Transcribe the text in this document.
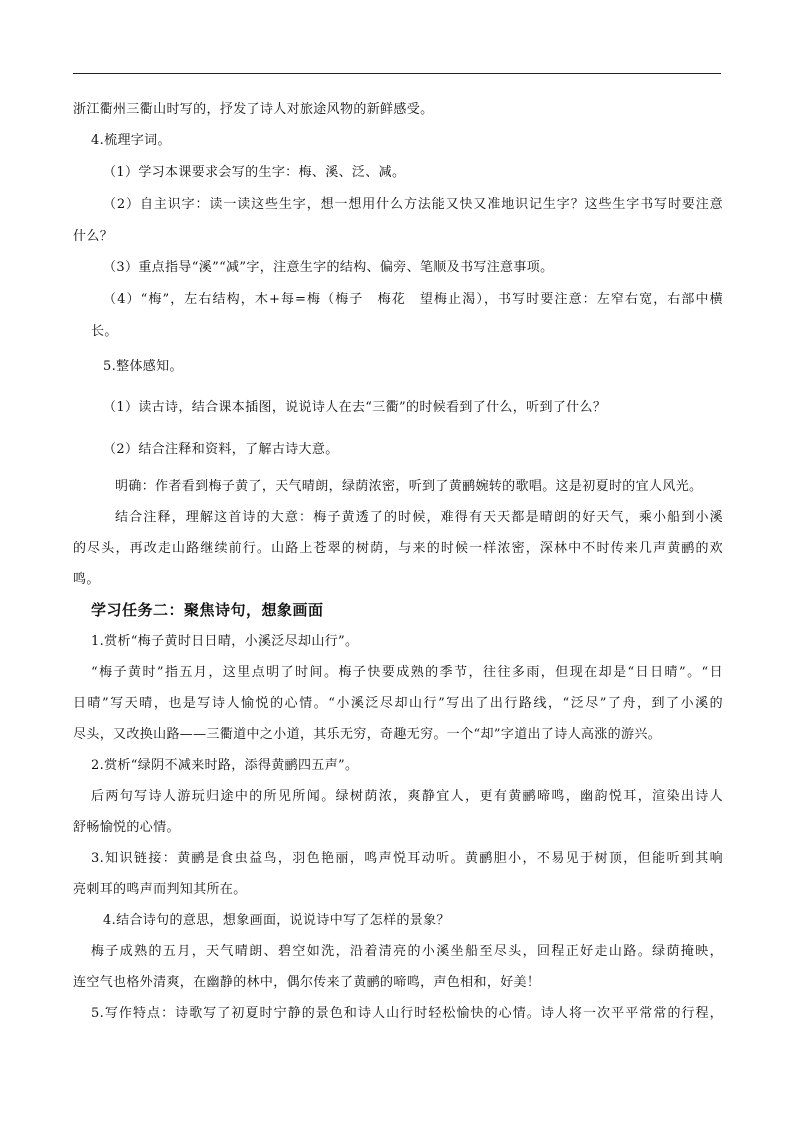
浙江衢州三衢山时写的，抒发了诗人对旅途风物的新鲜感受。
4.梳理字词。
（1）学习本课要求会写的生字：梅、溪、泛、减。
（2）自主识字：读一读这些生字，想一想用什么方法能又快又准地识记生字？这些生字书写时要注意
什么？
（3）重点指导“溪”“减”字，注意生字的结构、偏旁、笔顺及书写注意事项。
（4）“梅”，左右结构，木+每=梅（梅子　梅花　望梅止渴），书写时要注意：左窄右宽，右部中横
长。
5.整体感知。
（1）读古诗，结合课本插图，说说诗人在去“三衢”的时候看到了什么，听到了什么？
（2）结合注释和资料，了解古诗大意。
明确：作者看到梅子黄了，天气晴朗，绿荫浓密，听到了黄鹂婉转的歌唱。这是初夏时的宜人风光。
结合注释，理解这首诗的大意：梅子黄透了的时候，难得有天天都是晴朗的好天气，乘小船到小溪
的尽头，再改走山路继续前行。山路上苍翠的树荫，与来的时候一样浓密，深林中不时传来几声黄鹂的欢
鸣。
学习任务二：聚焦诗句，想象画面
1.赏析“梅子黄时日日晴，小溪泛尽却山行”。
“梅子黄时”指五月，这里点明了时间。梅子快要成熟的季节，往往多雨，但现在却是“日日晴”。“日
日晴”写天晴，也是写诗人愉悦的心情。“小溪泛尽却山行”写出了出行路线，“泛尽”了舟，到了小溪的
尽头，又改换山路——三衢道中之小道，其乐无穷，奇趣无穷。一个“却”字道出了诗人高涨的游兴。
2.赏析“绿阴不减来时路，添得黄鹂四五声”。
后两句写诗人游玩归途中的所见所闻。绿树荫浓，爽静宜人，更有黄鹂啼鸣，幽韵悦耳，渲染出诗人
舒畅愉悦的心情。
3.知识链接：黄鹂是食虫益鸟，羽色艳丽，鸣声悦耳动听。黄鹂胆小，不易见于树顶，但能听到其响
亮刺耳的鸣声而判知其所在。
4.结合诗句的意思，想象画面，说说诗中写了怎样的景象？
梅子成熟的五月，天气晴朗、碧空如洗，沿着清亮的小溪坐船至尽头，回程正好走山路。绿荫掩映，
连空气也格外清爽，在幽静的林中，偶尔传来了黄鹂的啼鸣，声色相和，好美！
5.写作特点：诗歌写了初夏时宁静的景色和诗人山行时轻松愉快的心情。诗人将一次平平常常的行程，
